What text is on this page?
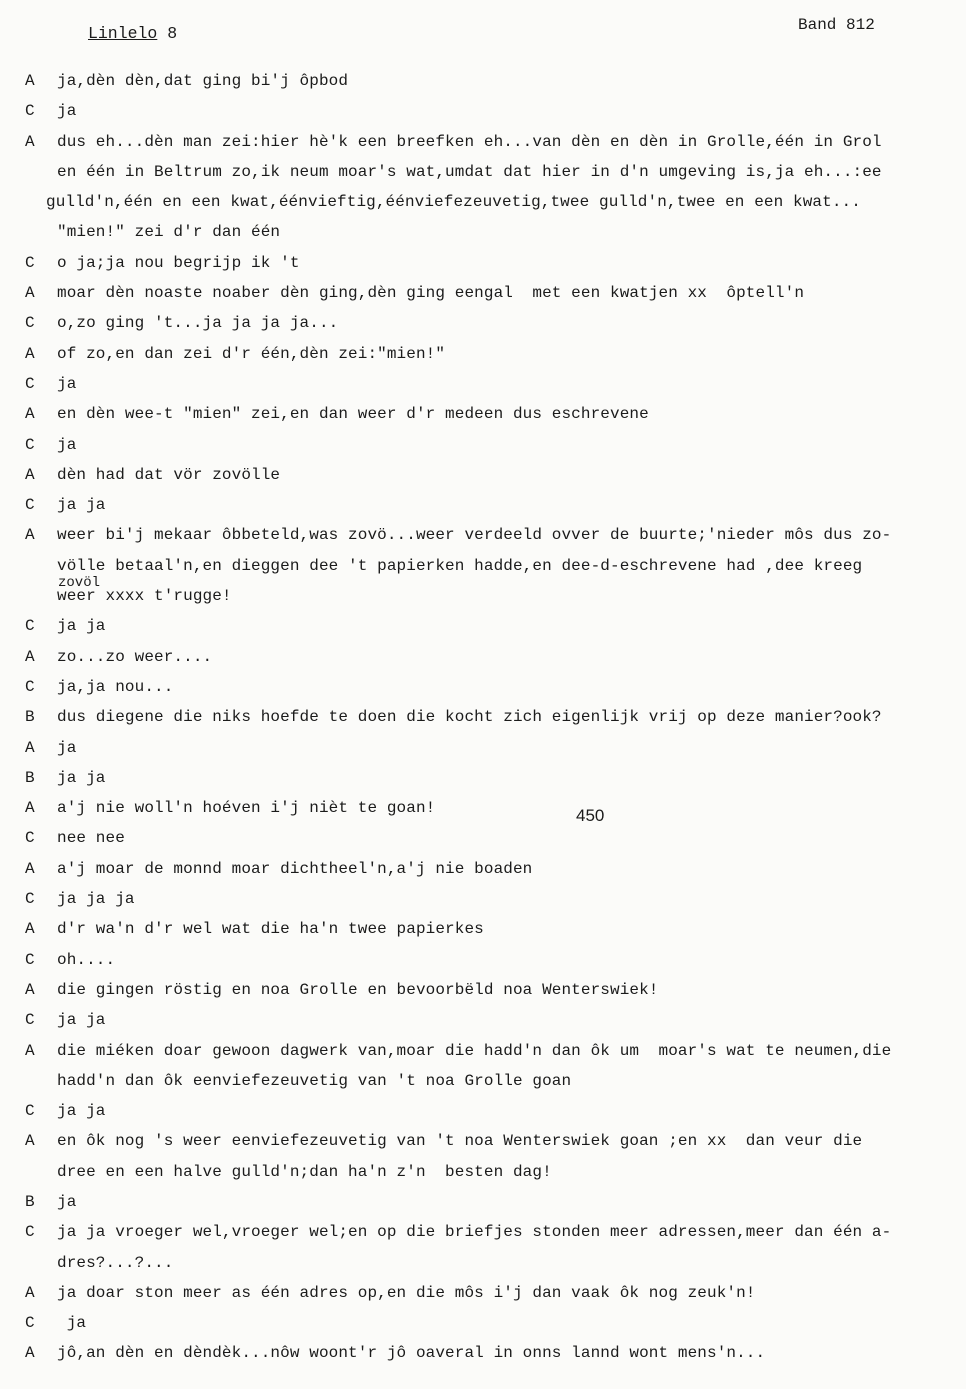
Linlelo 8	Band 812
A ja,dèn dèn,dat ging bi'j ôpbod
C ja
A dus eh...dèn man zei:hier hè'k een breefken eh...van dèn en dèn in Grolle,één in Grol
en één in Beltrum zo,ik neum moar's wat,umdat dat hier in d'n umgeving is,ja eh...:ee
gulld'n,één en een kwat,éénvieftig,éénviefezeuvetig,twee gulld'n,twee en een kwat...
"mien!" zei d'r dan één
C o ja;ja nou begrijp ik 't
A moar dèn noaste noaber dèn ging,dèn ging eengal  met een kwatjen xx  ôptell'n
C o,zo ging 't...ja ja ja ja...
A of zo,en dan zei d'r één,dèn zei:"mien!"
C ja
A en dèn wee-t "mien" zei,en dan weer d'r medeen dus eschrevene
C ja
A dèn had dat vör zovölle
C ja ja
A weer bi'j mekaar ôbbeteld,was zovö...weer verdeeld ovver de buurte;'nieder môs dus zo-
völle betaal'n,en dieggen dee 't papierken hadde,en dee-d-eschrevene had ,dee kreeg
weer xxxx t'rugge!
C ja ja
A zo...zo weer....
C ja,ja nou...
B dus diegene die niks hoefde te doen die kocht zich eigenlijk vrij op deze manier?ook?
A ja
B ja ja
A a'j nie woll'n hoéven i'j nièt te goan!
C nee nee
A a'j moar de monnd moar dichtheel'n,a'j nie boaden
C ja ja ja
A d'r wa'n d'r wel wat die ha'n twee papierkes
C oh....
A die gingen röstig en noa Grolle en bevoorbëld noa Wenterswiek!
C ja ja
A die miéken doar gewoon dagwerk van,moar die hadd'n dan ôk um  moar's wat te neumen,die
hadd'n dan ôk eenviefezeuvetig van 't noa Grolle goan
C ja ja
A en ôk nog 's weer eenviefezeuvetig van 't noa Wenterswiek goan ;en xx  dan veur die
dree en een halve gulld'n;dan ha'n z'n  besten dag!
B ja
C ja ja vroeger wel,vroeger wel;en op die briefjes stonden meer adressen,meer dan één a-
dres?...?...
A ja doar ston meer as één adres op,en die môs i'j dan vaak ôk nog zeuk'n!
C ja
A jô,an dèn en dèndèk...nôw woont'r jô oaveral in onns lannd wont mens'n...
zovöl
450
